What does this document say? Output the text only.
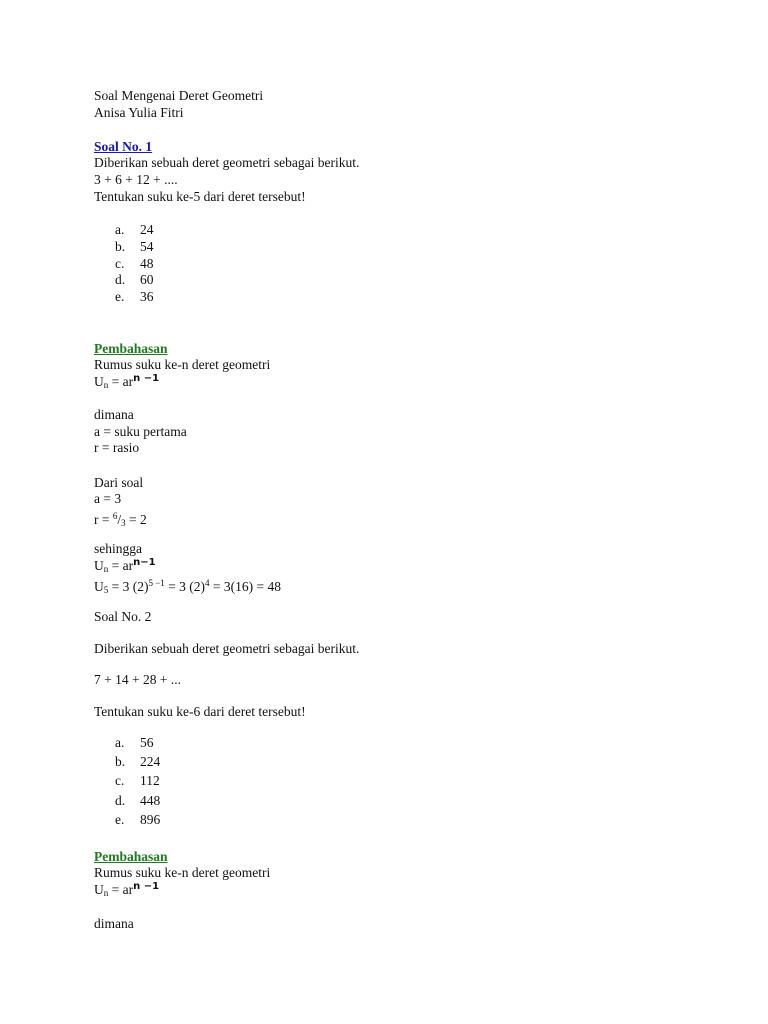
Soal Mengenai Deret Geometri
Anisa Yulia Fitri
Soal No. 1
Diberikan sebuah deret geometri sebagai berikut.
3 + 6 + 12 + ....
Tentukan suku ke-5 dari deret tersebut!
a. 24
b. 54
c. 48
d. 60
e. 36
Pembahasan
Rumus suku ke-n deret geometri
$U_n = ar^{n -1}$
dimana
a = suku pertama
r = rasio
Dari soal
a = 3
$r = ^6/_3 = 2$
sehingga
$U_n = ar^{n-1}$
$U_5 = 3$ $(2)^{5 -1} = 3$ $(2)^4 = 3(16) = 48$
Soal No. 2
Diberikan sebuah deret geometri sebagai berikut.
7 + 14 + 28 + ...
Tentukan suku ke-6 dari deret tersebut!
a. 56
b. 224
c. 112
d. 448
e. 896
Pembahasan
Rumus suku ke-n deret geometri
$U_n = ar^{n -1}$
dimana
